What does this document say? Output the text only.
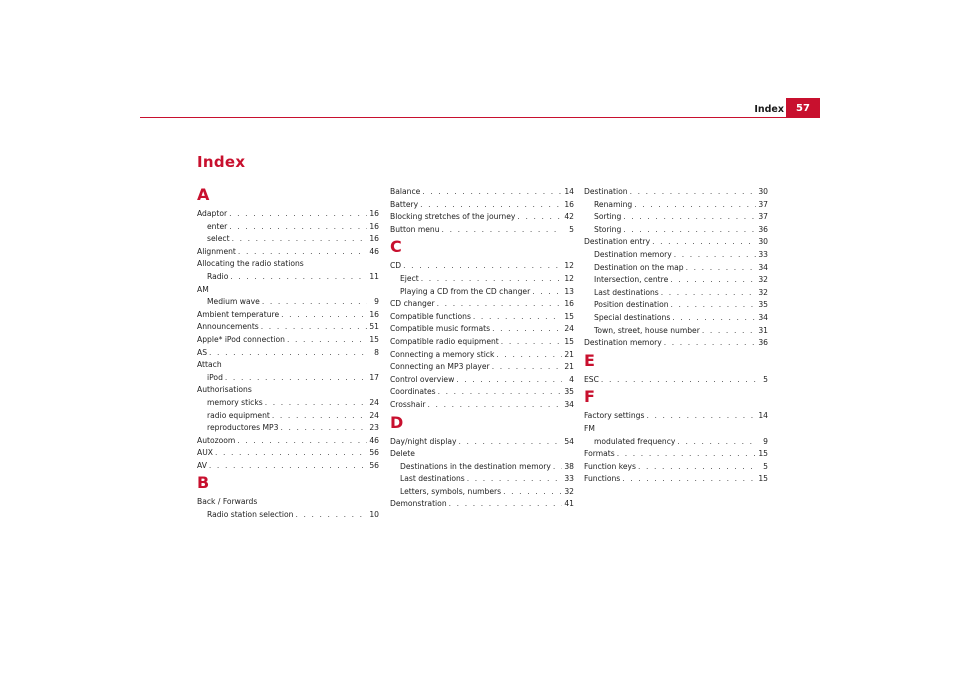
Index	57
Index
A
Adaptor . . .	16
enter . . .	16
select . . .	16
Alignment . . .	46
Allocating the radio stations
Radio . . .	11
AM
Medium wave . . .	9
Ambient temperature . . .	16
Announcements . . .	51
Apple* iPod connection . . .	15
AS . . .	8
Attach
iPod . . .	17
Authorisations
memory sticks . . .	24
radio equipment . . .	24
reproductores MP3 . . .	23
Autozoom . . .	46
AUX . . .	56
AV . . .	56
B
Back / Forwards
Radio station selection . . .	10
Balance . . .	14
Battery . . .	16
Blocking stretches of the journey . . .	42
Button menu . . .	5
C
CD . . .	12
Eject . . .	12
Playing a CD from the CD changer . . .	13
CD changer . . .	16
Compatible functions . . .	15
Compatible music formats . . .	24
Compatible radio equipment . . .	15
Connecting a memory stick . . .	21
Connecting an MP3 player . . .	21
Control overview . . .	4
Coordinates . . .	35
Crosshair . . .	34
D
Day/night display . . .	54
Delete
Destinations in the destination memory . . . 38
Last destinations . . .	33
Letters, symbols, numbers . . .	32
Demonstration . . .	41
Destination . . .	30
Renaming . . .	37
Sorting . . .	37
Storing . . .	36
Destination entry . . .	30
Destination memory . . .	33
Destination on the map . . .	34
Intersection, centre . . .	32
Last destinations . . .	32
Position destination . . .	35
Special destinations . . .	34
Town, street, house number . . .	31
Destination memory . . .	36
E
ESC . . .	5
F
Factory settings . . .	14
FM
modulated frequency . . .	9
Formats . . .	15
Function keys . . .	5
Functions . . .	15
